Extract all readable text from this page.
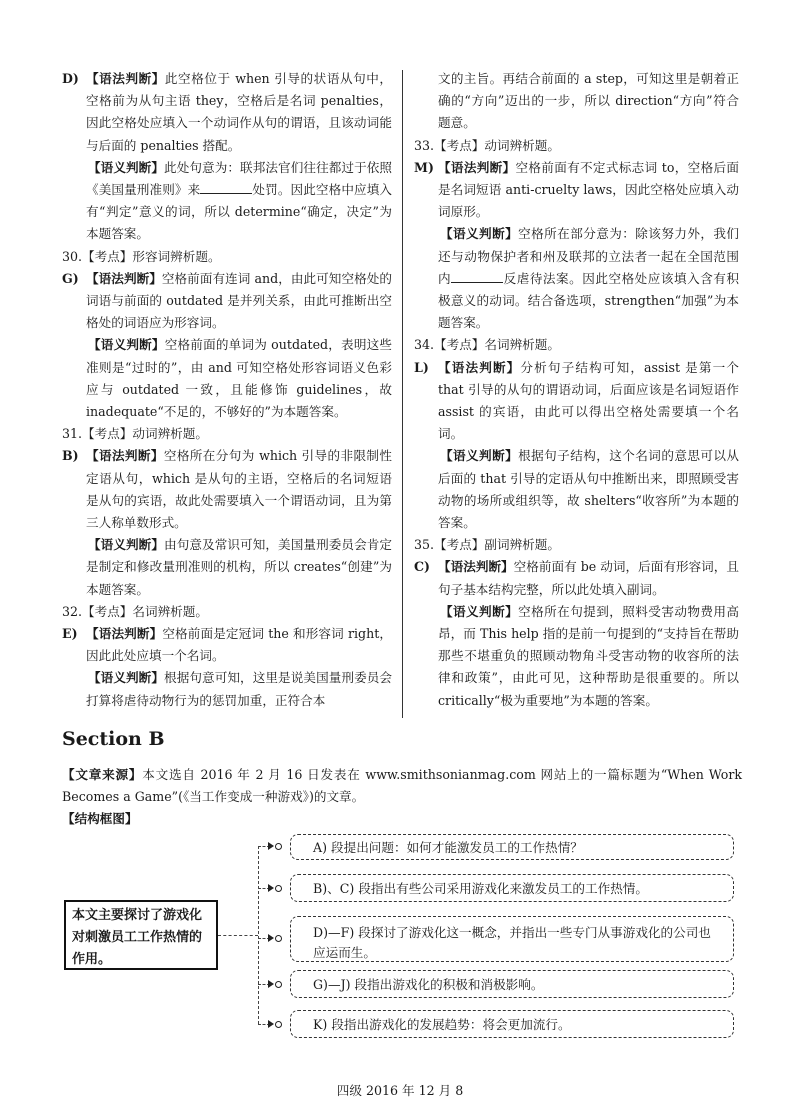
D) 【语法判断】此空格位于 when 引导的状语从句中，空格前为从句主语 they，空格后是名词 penalties，因此空格处应填入一个动词作从句的谓语，且该动词能与后面的 penalties 搭配。

【语义判断】此处句意为：联邦法官们往往都过于依照《美国量刑准则》来	处罚。因此空格中应填入有“判定”意义的词，所以 determine“确定，决定”为本题答案。

30.【考点】形容词辨析题。

G) 【语法判断】空格前面有连词 and，由此可知空格处的词语与前面的 outdated 是并列关系，由此可推断出空格处的词语应为形容词。

【语义判断】空格前面的单词为 outdated，表明这些准则是“过时的”，由 and 可知空格处形容词语义色彩应与 outdated 一致，且能修饰 guidelines，故 inadequate“不足的，不够好的”为本题答案。

31.【考点】动词辨析题。

B) 【语法判断】空格所在分句为 which 引导的非限制性定语从句，which 是从句的主语，空格后的名词短语是从句的宾语，故此处需要填入一个谓语动词，且为第三人称单数形式。

【语义判断】由句意及常识可知，美国量刑委员会肯定是制定和修改量刑准则的机构，所以 creates“创建”为本题答案。

32.【考点】名词辨析题。

E) 【语法判断】空格前面是定冠词 the 和形容词 right，因此此处应填一个名词。

【语义判断】根据句意可知，这里是说美国量刑委员会打算将虐待动物行为的惩罚加重，正符合本

文的主旨。再结合前面的 a step，可知这里是朝着正确的“方向”迈出的一步，所以 direction“方向”符合题意。

33.【考点】动词辨析题。

M) 【语法判断】空格前面有不定式标志词 to，空格后面是名词短语 anti-cruelty laws，因此空格处应填入动词原形。

【语义判断】空格所在部分意为：除该努力外，我们还与动物保护者和州及联邦的立法者一起在全国范围内	反虐待法案。因此空格处应该填入含有积极意义的动词。结合备选项，strengthen“加强”为本题答案。

34.【考点】名词辨析题。

L) 【语法判断】分析句子结构可知，assist 是第一个 that 引导的从句的谓语动词，后面应该是名词短语作 assist 的宾语，由此可以得出空格处需要填一个名词。

【语义判断】根据句子结构，这个名词的意思可以从后面的 that 引导的定语从句中推断出来，即照顾受害动物的场所或组织等，故 shelters“收容所”为本题的答案。

35.【考点】副词辨析题。

C) 【语法判断】空格前面有 be 动词，后面有形容词，且句子基本结构完整，所以此处填入副词。

【语义判断】空格所在句提到，照料受害动物费用高昂，而 This help 指的是前一句提到的“支持旨在帮助那些不堪重负的照顾动物角斗受害动物的收容所的法律和政策”，由此可见，这种帮助是很重要的。所以 critically“极为重要地”为本题的答案。

Section B
【文章来源】本文选自 2016 年 2 月 16 日发表在 www.smithsonianmag.com 网站上的一篇标题为“When Work Becomes a Game”(《当工作变成一种游戏》)的文章。
【结构框图】
本文主要探讨了游戏化对刺激员工工作热情的作用。
A) 段提出问题：如何才能激发员工的工作热情？
B)、C) 段指出有些公司采用游戏化来激发员工的工作热情。
D)—F) 段探讨了游戏化这一概念，并指出一些专门从事游戏化的公司也应运而生。
G)—J) 段指出游戏化的积极和消极影响。
K) 段指出游戏化的发展趋势：将会更加流行。
四级 2016 年 12 月 8
